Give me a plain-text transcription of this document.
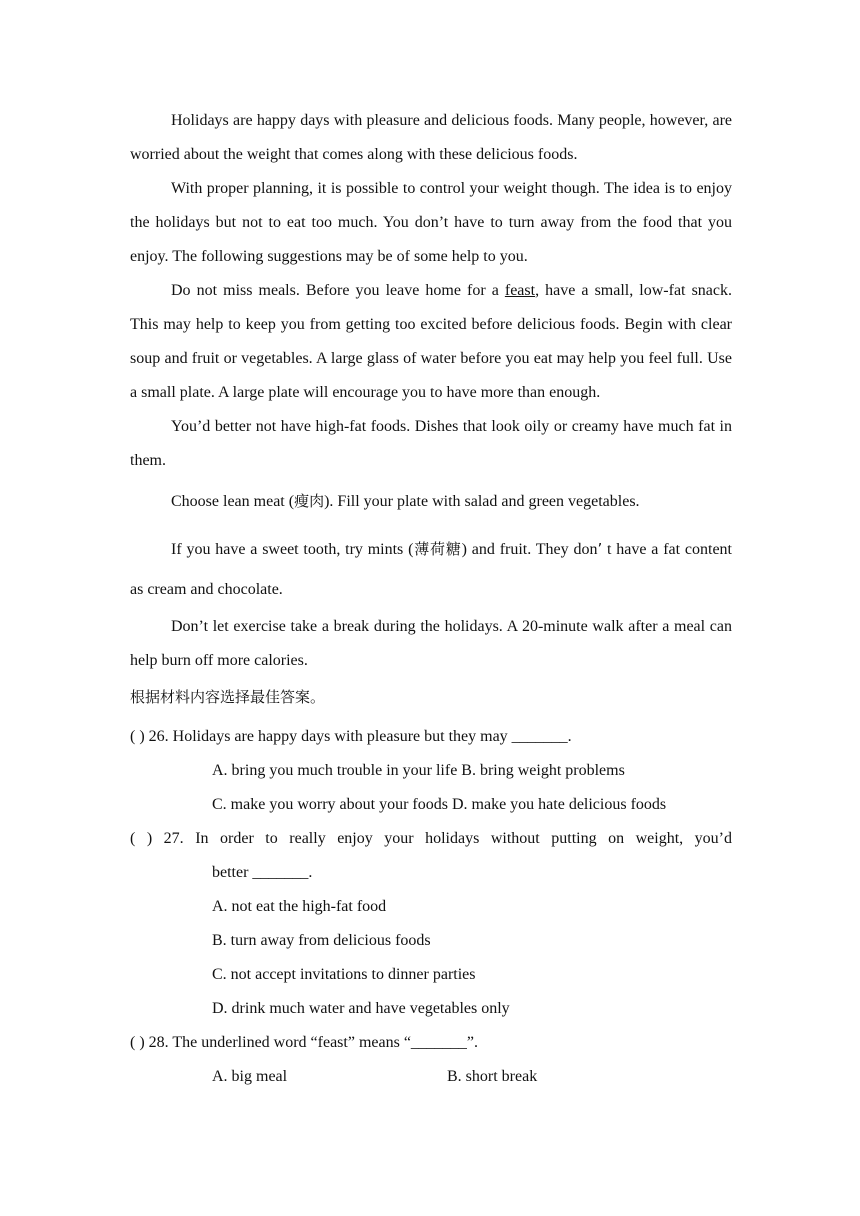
Holidays are happy days with pleasure and delicious foods. Many people, however, are worried about the weight that comes along with these delicious foods.

With proper planning, it is possible to control your weight though. The idea is to enjoy the holidays but not to eat too much. You don’t have to turn away from the food that you enjoy. The following suggestions may be of some help to you.

Do not miss meals. Before you leave home for a feast, have a small, low-fat snack. This may help to keep you from getting too excited before delicious foods. Begin with clear soup and fruit or vegetables. A large glass of water before you eat may help you feel full. Use a small plate. A large plate will encourage you to have more than enough.

You’d better not have high-fat foods. Dishes that look oily or creamy have much fat in them.

Choose lean meat (瘦肉). Fill your plate with salad and green vegetables.

If you have a sweet tooth, try mints (薄荷糖) and fruit. They don’ t have a fat content as cream and chocolate.

Don’t let exercise take a break during the holidays. A 20-minute walk after a meal can help burn off more calories.

根据材料内容选择最佳答案。

( ) 26. Holidays are happy days with pleasure but they may _______.

A. bring you much trouble in your life B. bring weight problems

C. make you worry about your foods D. make you hate delicious foods

( ) 27. In order to really enjoy your holidays without putting on weight, you’d

better _______.

A. not eat the high-fat food

B. turn away from delicious foods

C. not accept invitations to dinner parties

D. drink much water and have vegetables only

( ) 28. The underlined word “feast” means “_______”.

A. big meal	B. short break
